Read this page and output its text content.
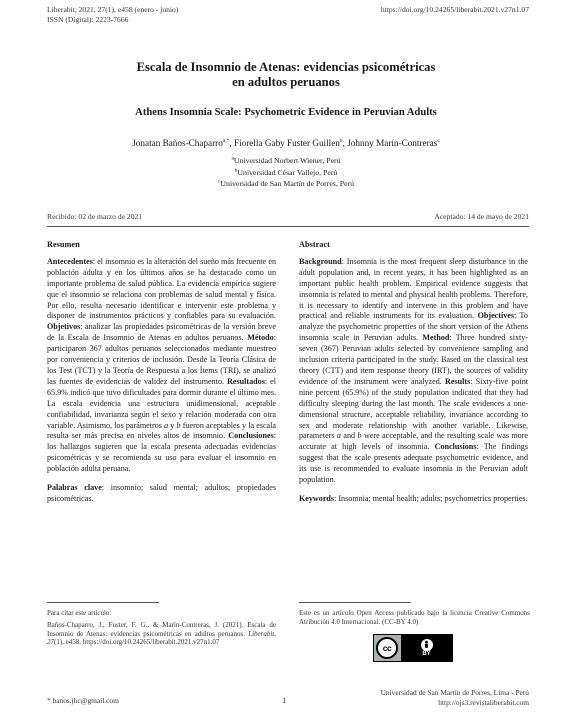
Liberabit, 2021, 27(1), e458 (enero - junio)
ISSN (Digital): 2223-7666
https://doi.org/10.24265/liberabit.2021.v27n1.07
Escala de Insomnio de Atenas: evidencias psicométricas
en adultos peruanos
Athens Insomnia Scale: Psychometric Evidence in Peruvian Adults
Jonatan Baños-Chaparro$^{a,*}$, Fiorella Gaby Fuster Guillen$^b$, Johnny Marín-Contreras$^c$
$^a$Universidad Norbert Wiener, Perú
$^b$Universidad César Vallejo, Perú
$^c$Universidad de San Martín de Porres, Perú
Recibido: 02 de marzo de 2021	Aceptado: 14 de mayo de 2021
Resumen

Antecedentes: el insomnio es la alteración del sueño más frecuente en población adulta y en los últimos años se ha destacado como un importante problema de salud pública. La evidencia empírica sugiere que el insomnio se relaciona con problemas de salud mental y física. Por ello, resulta necesario identificar e intervenir este problema y disponer de instrumentos prácticos y confiables para su evaluación. Objetivos: analizar las propiedades psicométricas de la versión breve de la Escala de Insomnio de Atenas en adultos peruanos. Método: participaron 367 adultos peruanos seleccionados mediante muestreo por conveniencia y criterios de inclusión. Desde la Teoría Clásica de los Test (TCT) y la Teoría de Respuesta a los Ítems (TRI), se analizó las fuentes de evidencias de validez del instrumento. Resultados: el 65.9% indicó que tuvo dificultades para dormir durante el último mes. La escala evidencia una estructura unidimensional, aceptable confiabilidad, invarianza según el sexo y relación moderada con otra variable. Asimismo, los parámetros a y b fueron aceptables y la escala resulta ser más precisa en niveles altos de insomnio. Conclusiones: los hallazgos sugieren que la escala presenta adecuadas evidencias psicométricas y se recomienda su uso para evaluar el insomnio en población adulta peruana.

Palabras clave: insomnio; salud mental; adultos; propiedades psicométricas.

Abstract

Background: Insomnia is the most frequent sleep disturbance in the adult population and, in recent years, it has been highlighted as an important public health problem. Empirical evidence suggests that insomnia is related to mental and physical health problems. Therefore, it is necessary to identify and intervene in this problem and have practical and reliable instruments for its evaluation. Objectives: To analyze the psychometric properties of the short version of the Athens insomnia scale in Peruvian adults. Method: Three hundred sixty-seven (367) Peruvian adults selected by convenience sampling and inclusion criteria participated in the study. Based on the classical test theory (CTT) and item response theory (IRT), the sources of validity evidence of the instrument were analyzed. Results: Sixty-five point nine percent (65.9%) of the study population indicated that they had difficulty sleeping during the last month. The scale evidences a one-dimensional structure, acceptable reliability, invariance according to sex and moderate relationship with another variable. Likewise, parameters a and b were acceptable, and the resulting scale was more accurate at high levels of insomnia. Conclusions: The findings suggest that the scale presents adequate psychometric evidence, and its use is recommended to evaluate insomnia in the Peruvian adult population.

Keywords: Insomnia; mental health; adults; psychometrics properties.

Para citar este artículo:
Baños-Chaparro, J., Fuster, F. G., & Marín-Contreras, J. (2021). Escala de Insomnio de Atenas: evidencias psicométricas en adultos peruanos. Liberabit, 27(1), e458. https://doi.org/10.24265/liberabit.2021.v27n1.07
Este es un artículo Open Access publicado bajo la licencia Creative Commons Atribución 4.0 Internacional. (CC-BY 4.0)
cc
BY
* banos.jhc@gmail.com	1
Universidad de San Martín de Porres, Lima - Perú
http://ojs3.revistaliberabit.com
